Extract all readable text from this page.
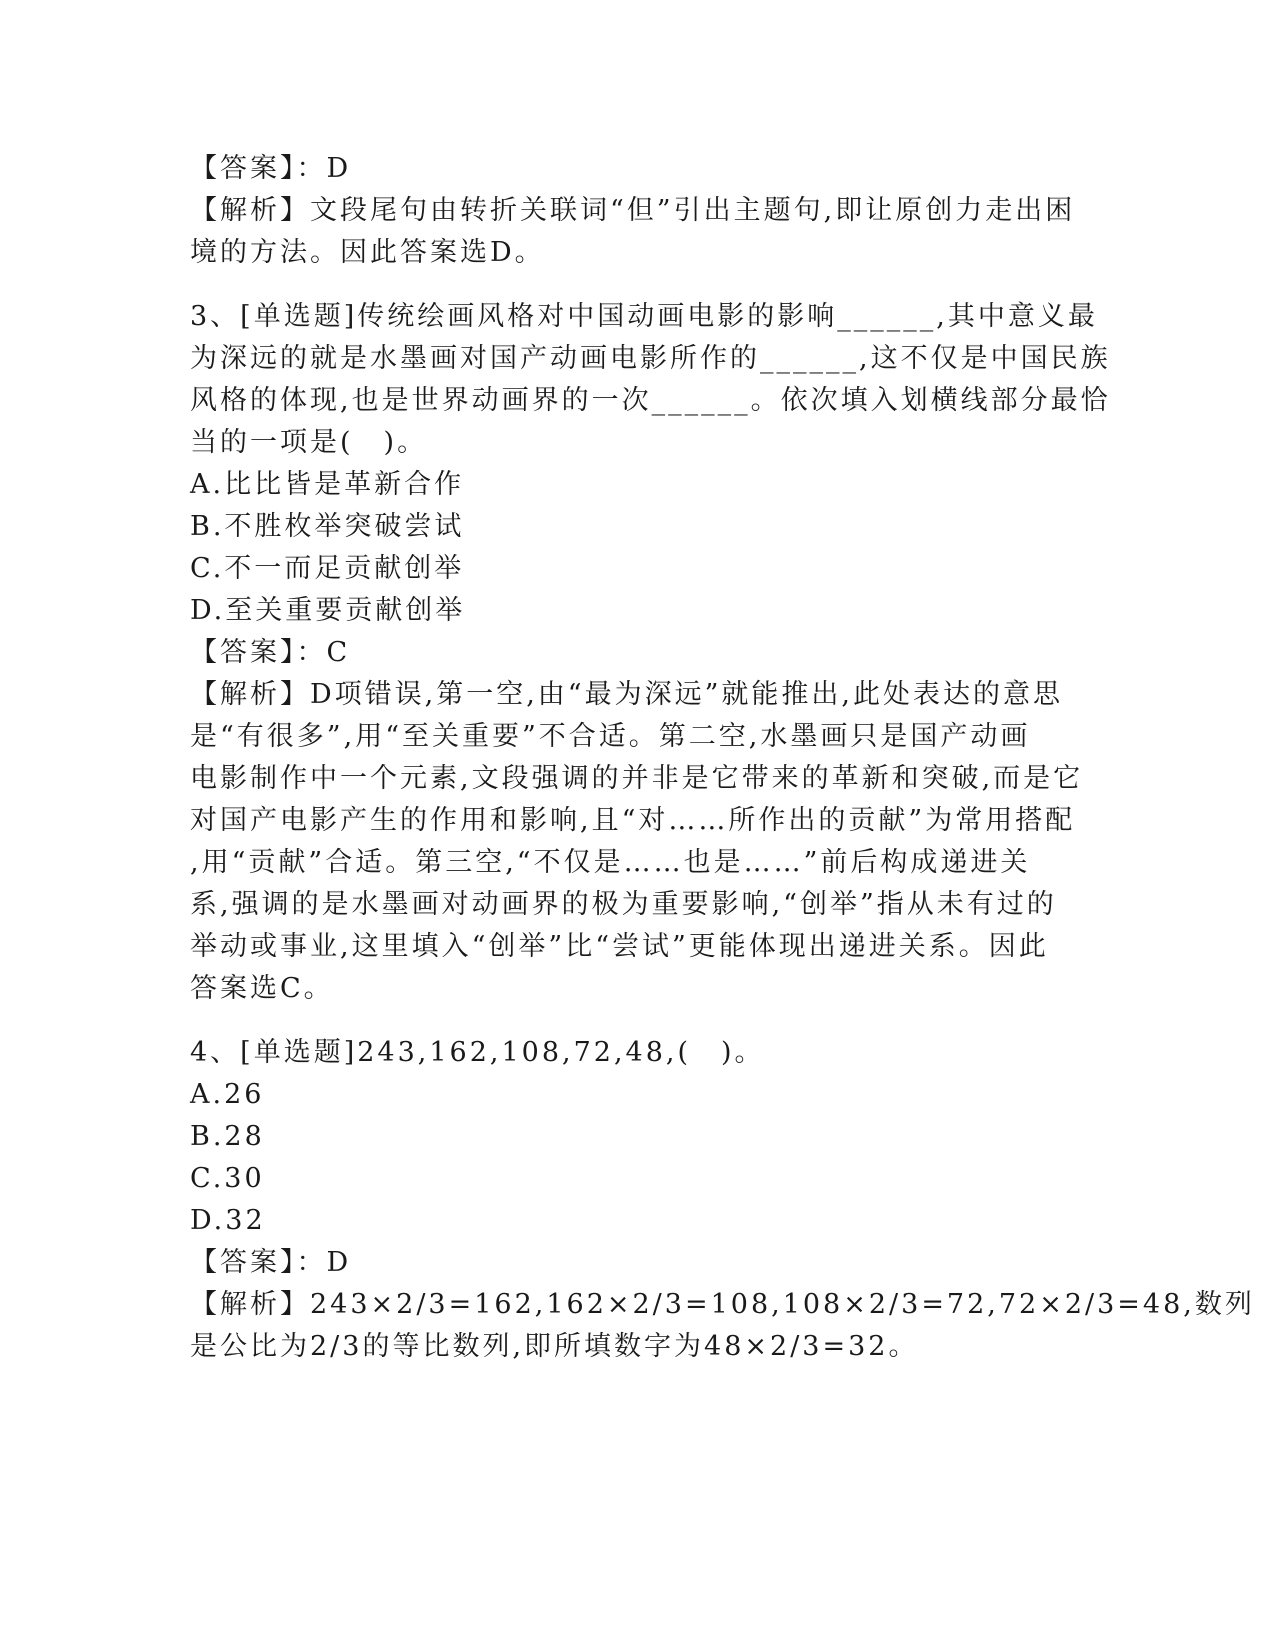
【答案】：D
【解析】文段尾句由转折关联词“但”引出主题句,即让原创力走出困
境的方法。因此答案选D。
3、[单选题]传统绘画风格对中国动画电影的影响______,其中意义最
为深远的就是水墨画对国产动画电影所作的______,这不仅是中国民族
风格的体现,也是世界动画界的一次______。依次填入划横线部分最恰
当的一项是(　)。
A.比比皆是革新合作
B.不胜枚举突破尝试
C.不一而足贡献创举
D.至关重要贡献创举
【答案】：C
【解析】D项错误,第一空,由“最为深远”就能推出,此处表达的意思
是“有很多”,用“至关重要”不合适。第二空,水墨画只是国产动画
电影制作中一个元素,文段强调的并非是它带来的革新和突破,而是它
对国产电影产生的作用和影响,且“对……所作出的贡献”为常用搭配
,用“贡献”合适。第三空,“不仅是……也是……”前后构成递进关
系,强调的是水墨画对动画界的极为重要影响,“创举”指从未有过的
举动或事业,这里填入“创举”比“尝试”更能体现出递进关系。因此
答案选C。
4、[单选题]243,162,108,72,48,(　)。
A.26
B.28
C.30
D.32
【答案】：D
【解析】243×2/3=162,162×2/3=108,108×2/3=72,72×2/3=48,数列
是公比为2/3的等比数列,即所填数字为48×2/3=32。
